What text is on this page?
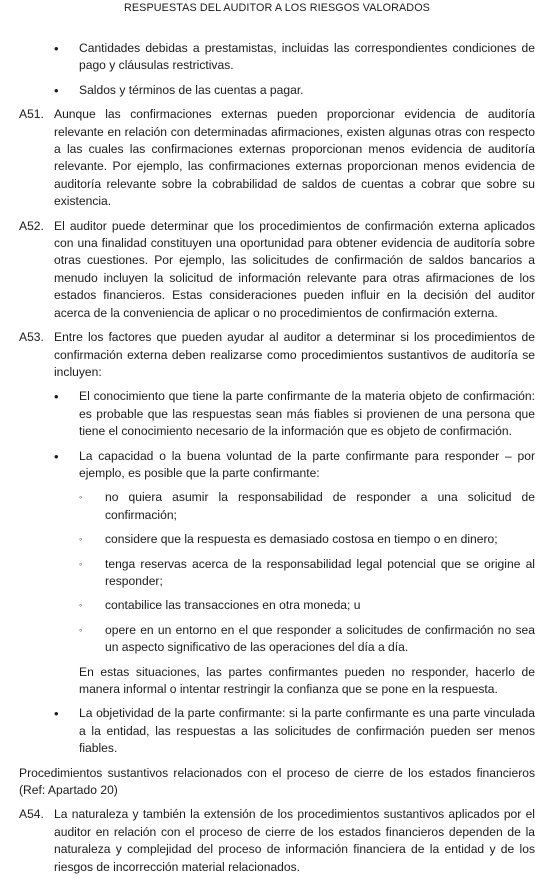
RESPUESTAS DEL AUDITOR A LOS RIESGOS VALORADOS
•	Cantidades debidas a prestamistas, incluidas las correspondientes condiciones de pago y cláusulas restrictivas.
•	Saldos y términos de las cuentas a pagar.
A51. Aunque las confirmaciones externas pueden proporcionar evidencia de auditoría relevante en relación con determinadas afirmaciones, existen algunas otras con respecto a las cuales las confirmaciones externas proporcionan menos evidencia de auditoría relevante. Por ejemplo, las confirmaciones externas proporcionan menos evidencia de auditoría relevante sobre la cobrabilidad de saldos de cuentas a cobrar que sobre su existencia.
A52. El auditor puede determinar que los procedimientos de confirmación externa aplicados con una finalidad constituyen una oportunidad para obtener evidencia de auditoría sobre otras cuestiones. Por ejemplo, las solicitudes de confirmación de saldos bancarios a menudo incluyen la solicitud de información relevante para otras afirmaciones de los estados financieros. Estas consideraciones pueden influir en la decisión del auditor acerca de la conveniencia de aplicar o no procedimientos de confirmación externa.
A53. Entre los factores que pueden ayudar al auditor a determinar si los procedimientos de confirmación externa deben realizarse como procedimientos sustantivos de auditoría se incluyen:
•	El conocimiento que tiene la parte confirmante de la materia objeto de confirmación: es probable que las respuestas sean más fiables si provienen de una persona que tiene el conocimiento necesario de la información que es objeto de confirmación.
•	La capacidad o la buena voluntad de la parte confirmante para responder – por ejemplo, es posible que la parte confirmante:
◦	no quiera asumir la responsabilidad de responder a una solicitud de confirmación;
◦	considere que la respuesta es demasiado costosa en tiempo o en dinero;
◦	tenga reservas acerca de la responsabilidad legal potencial que se origine al responder;
◦	contabilice las transacciones en otra moneda; u
◦	opere en un entorno en el que responder a solicitudes de confirmación no sea un aspecto significativo de las operaciones del día a día.
En estas situaciones, las partes confirmantes pueden no responder, hacerlo de manera informal o intentar restringir la confianza que se pone en la respuesta.
•	La objetividad de la parte confirmante: si la parte confirmante es una parte vinculada a la entidad, las respuestas a las solicitudes de confirmación pueden ser menos fiables.
Procedimientos sustantivos relacionados con el proceso de cierre de los estados financieros (Ref: Apartado 20)
A54. La naturaleza y también la extensión de los procedimientos sustantivos aplicados por el auditor en relación con el proceso de cierre de los estados financieros dependen de la naturaleza y complejidad del proceso de información financiera de la entidad y de los riesgos de incorrección material relacionados.
